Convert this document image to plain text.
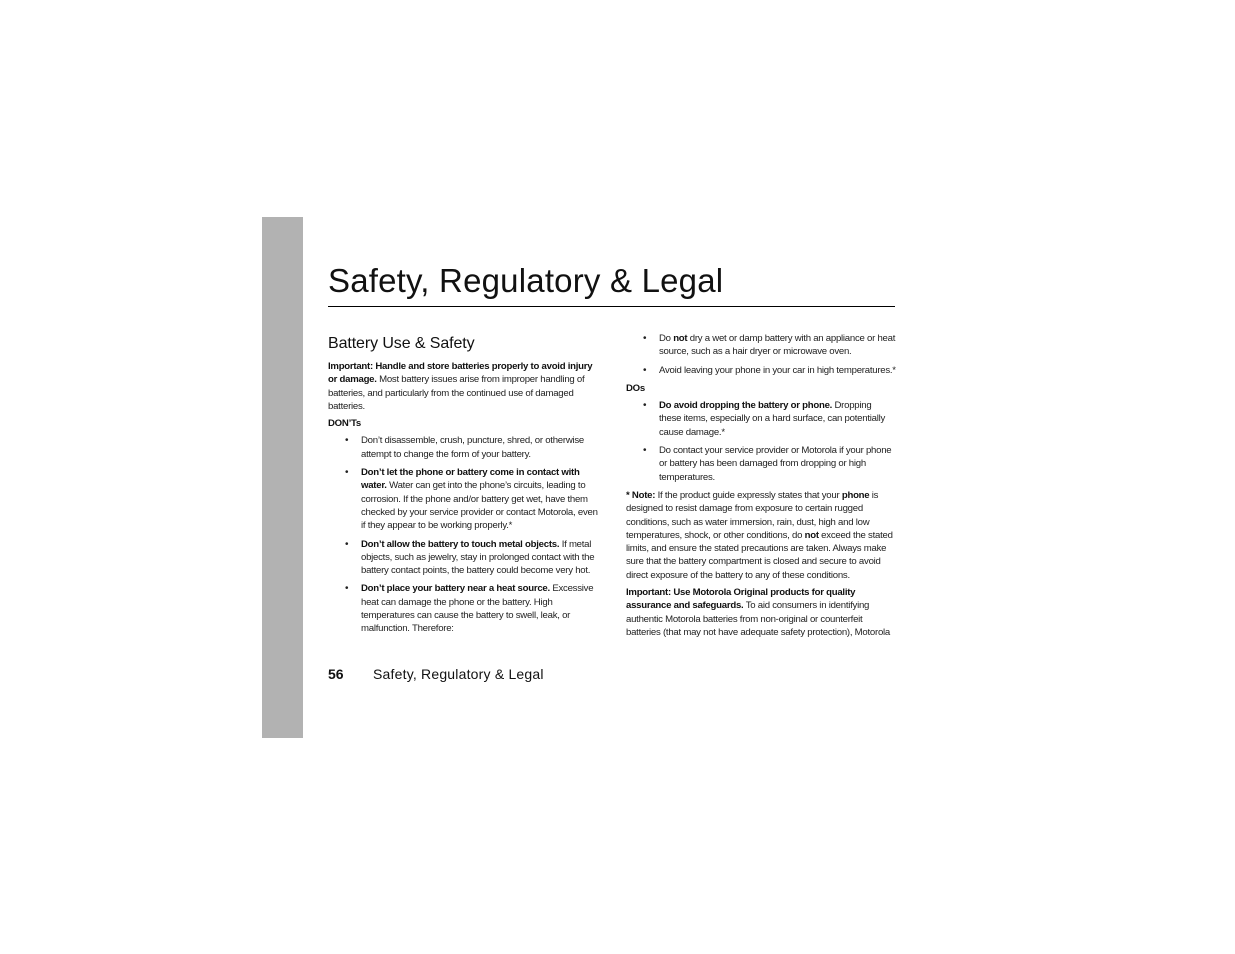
Safety, Regulatory & Legal
Battery Use & Safety

Important: Handle and store batteries properly to avoid injury or damage. Most battery issues arise from improper handling of batteries, and particularly from the continued use of damaged batteries.

DON’Ts

• Don’t disassemble, crush, puncture, shred, or otherwise attempt to change the form of your battery.
• Don’t let the phone or battery come in contact with water. Water can get into the phone’s circuits, leading to corrosion. If the phone and/or battery get wet, have them checked by your service provider or contact Motorola, even if they appear to be working properly.*
• Don’t allow the battery to touch metal objects. If metal objects, such as jewelry, stay in prolonged contact with the battery contact points, the battery could become very hot.
• Don’t place your battery near a heat source. Excessive heat can damage the phone or the battery. High temperatures can cause the battery to swell, leak, or malfunction. Therefore:
• Do not dry a wet or damp battery with an appliance or heat source, such as a hair dryer or microwave oven.
• Avoid leaving your phone in your car in high temperatures.*

DOs

• Do avoid dropping the battery or phone. Dropping these items, especially on a hard surface, can potentially cause damage.*
• Do contact your service provider or Motorola if your phone or battery has been damaged from dropping or high temperatures.

* Note: If the product guide expressly states that your phone is designed to resist damage from exposure to certain rugged conditions, such as water immersion, rain, dust, high and low temperatures, shock, or other conditions, do not exceed the stated limits, and ensure the stated precautions are taken. Always make sure that the battery compartment is closed and secure to avoid direct exposure of the battery to any of these conditions.

Important: Use Motorola Original products for quality assurance and safeguards. To aid consumers in identifying authentic Motorola batteries from non-original or counterfeit batteries (that may not have adequate safety protection), Motorola

56 Safety, Regulatory & Legal
